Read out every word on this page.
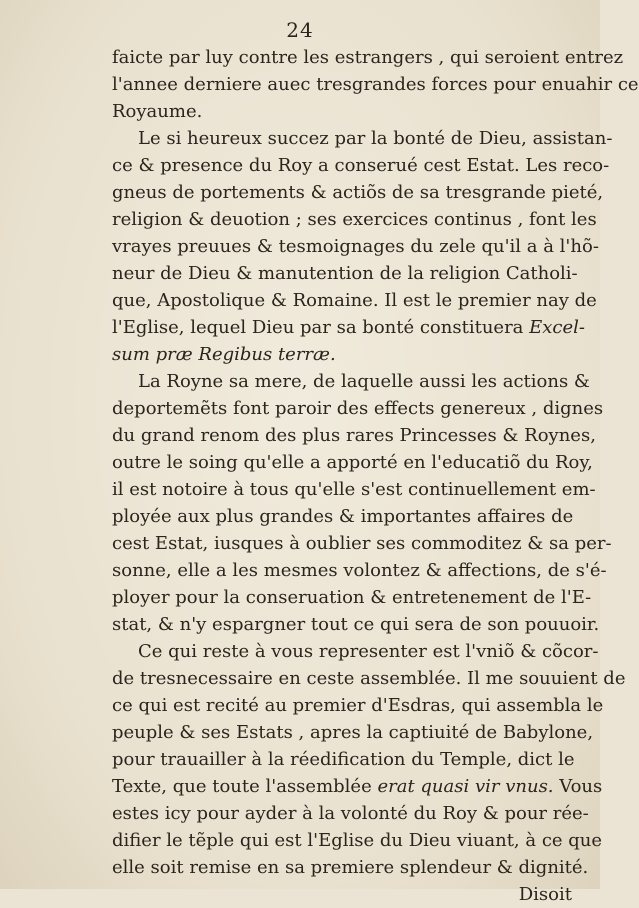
24
faicte par luy contre les estrangers , qui seroient entrez
l'annee derniere auec tresgrandes forces pour enuahir ce
Royaume.
Le si heureux succez par la bonté de Dieu, assistan-
ce & presence du Roy a conserué cest Estat. Les reco-
gneus de portements & actiõs de sa tresgrande pieté,
religion & deuotion ; ses exercices continus , font les
vrayes preuues & tesmoignages du zele qu'il a à l'hõ-
neur de Dieu & manutention de la religion Catholi-
que, Apostolique & Romaine. Il est le premier nay de
l'Eglise, lequel Dieu par sa bonté constituera Excel-
sum præ Regibus terræ.
La Royne sa mere, de laquelle aussi les actions &
deportemẽts font paroir des effects genereux , dignes
du grand renom des plus rares Princesses & Roynes,
outre le soing qu'elle a apporté en l'educatiõ du Roy,
il est notoire à tous qu'elle s'est continuellement em-
ployée aux plus grandes & importantes affaires de
cest Estat, iusques à oublier ses commoditez & sa per-
sonne, elle a les mesmes volontez & affections, de s'é-
ployer pour la conseruation & entretenement de l'E-
stat, & n'y espargner tout ce qui sera de son pouuoir.
Ce qui reste à vous representer est l'vniõ & cõcor-
de tresnecessaire en ceste assemblée. Il me souuient de
ce qui est recité au premier d'Esdras, qui assembla le
peuple & ses Estats , apres la captiuité de Babylone,
pour trauailler à la réedification du Temple, dict le
Texte, que toute l'assemblée erat quasi vir vnus. Vous
estes icy pour ayder à la volonté du Roy & pour rée-
difier le tẽple qui est l'Eglise du Dieu viuant, à ce que
elle soit remise en sa premiere splendeur & dignité.
Disoit
